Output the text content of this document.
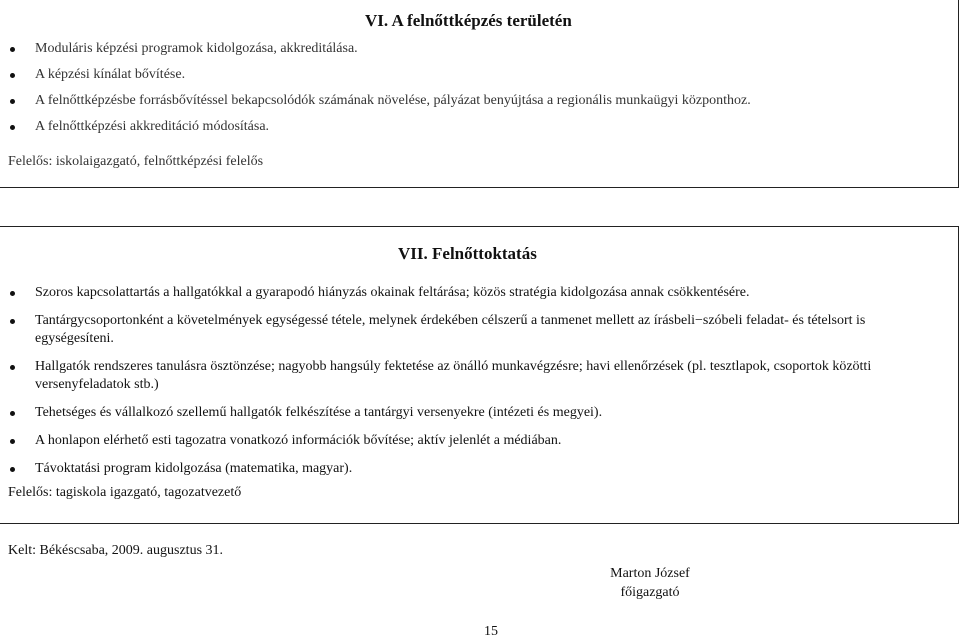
VI. A felnőttképzés területén
Moduláris képzési programok kidolgozása, akkreditálása.
A képzési kínálat bővítése.
A felnőttképzésbe forrásbővítéssel bekapcsolódók számának növelése, pályázat benyújtása a regionális munkaügyi központhoz.
A felnőttképzési akkreditáció módosítása.
Felelős: iskolaigazgató, felnőttképzési felelős
VII. Felnőttoktatás
Szoros kapcsolattartás a hallgatókkal a gyarapodó hiányzás okainak feltárása; közös stratégia kidolgozása annak csökkentésére.
Tantárgycsoportonként a követelmények egységessé tétele, melynek érdekében célszerű a tanmenet mellett az írásbeli−szóbeli feladat- és tételsort is egységesíteni.
Hallgatók rendszeres tanulásra ösztönzése; nagyobb hangsúly fektetése az önálló munkavégzésre; havi ellenőrzések (pl. tesztlapok, csoportok közötti versenyfeladatok stb.)
Tehetséges és vállalkozó szellemű hallgatók felkészítése a tantárgyi versenyekre (intézeti és megyei).
A honlapon elérhető esti tagozatra vonatkozó információk bővítése; aktív jelenlét a médiában.
Távoktatási program kidolgozása (matematika, magyar).
Felelős: tagiskola igazgató, tagozatvezető
Kelt: Békéscsaba, 2009. augusztus 31.
Marton József
főigazgató
15
